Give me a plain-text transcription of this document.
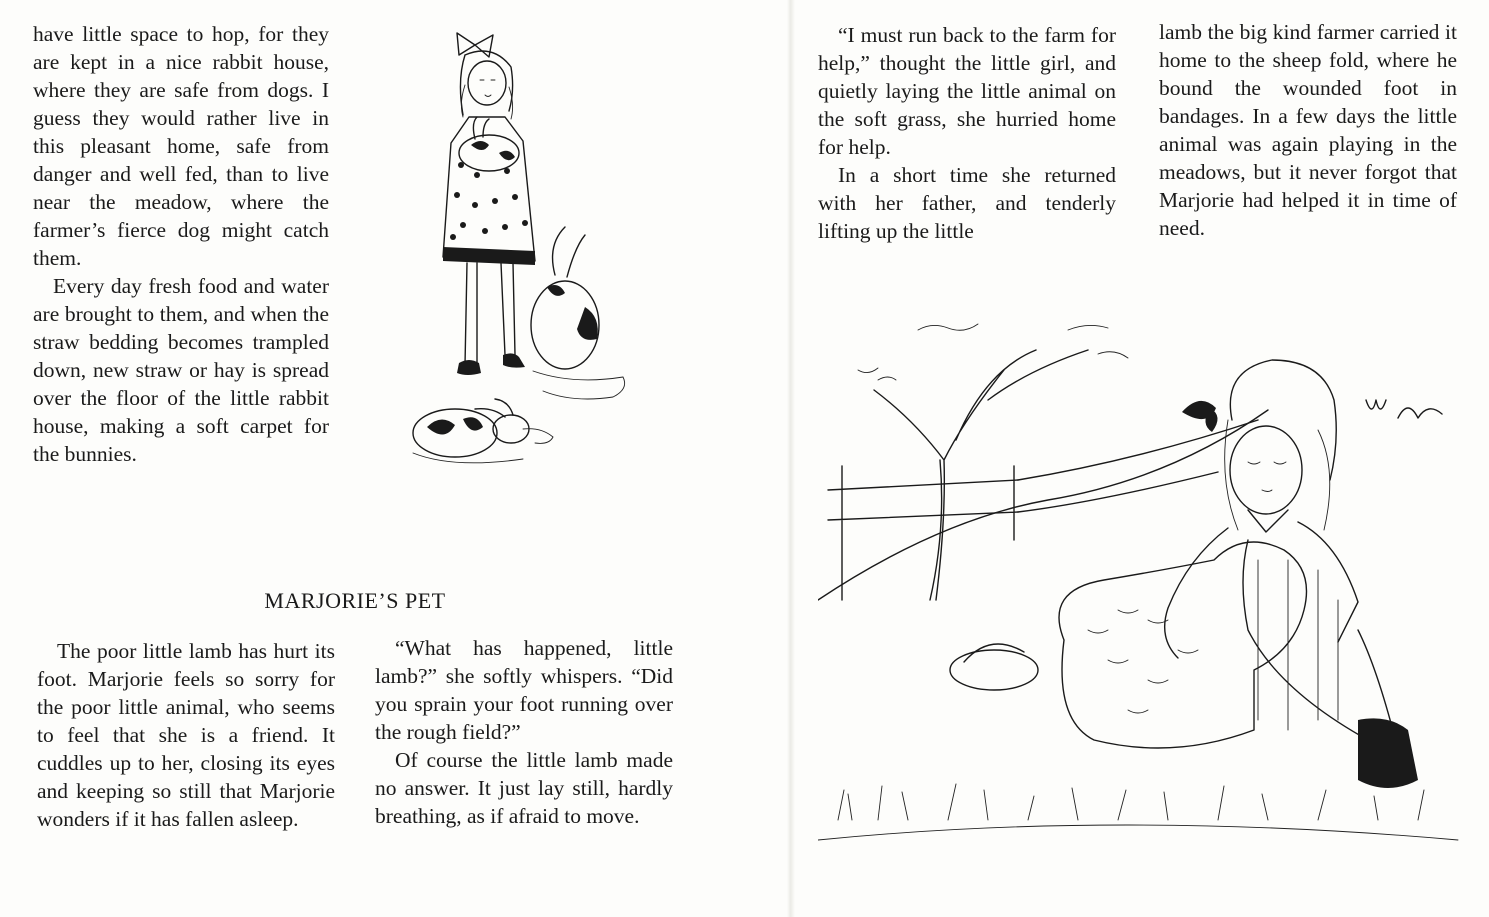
have little space to hop, for they are kept in a nice rabbit house, where they are safe from dogs. I guess they would rather live in this pleasant home, safe from danger and well fed, than to live near the meadow, where the farmer’s fierce dog might catch them.

Every day fresh food and water are brought to them, and when the straw bedding becomes trampled down, new straw or hay is spread over the floor of the little rabbit house, making a soft carpet for the bunnies.

MARJORIE’S PET

The poor little lamb has hurt its foot. Marjorie feels so sorry for the poor little animal, who seems to feel that she is a friend. It cuddles up to her, closing its eyes and keeping so still that Marjorie wonders if it has fallen asleep.

“What has happened, little lamb?” she softly whispers. “Did you sprain your foot running over the rough field?”

Of course the little lamb made no answer. It just lay still, hardly breathing, as if afraid to move.

“I must run back to the farm for help,” thought the little girl, and quietly laying the little animal on the soft grass, she hurried home for help.

In a short time she returned with her father, and tenderly lifting up the little

lamb the big kind farmer carried it home to the sheep fold, where he bound the wounded foot in bandages. In a few days the little animal was again playing in the meadows, but it never forgot that Marjorie had helped it in time of need.
